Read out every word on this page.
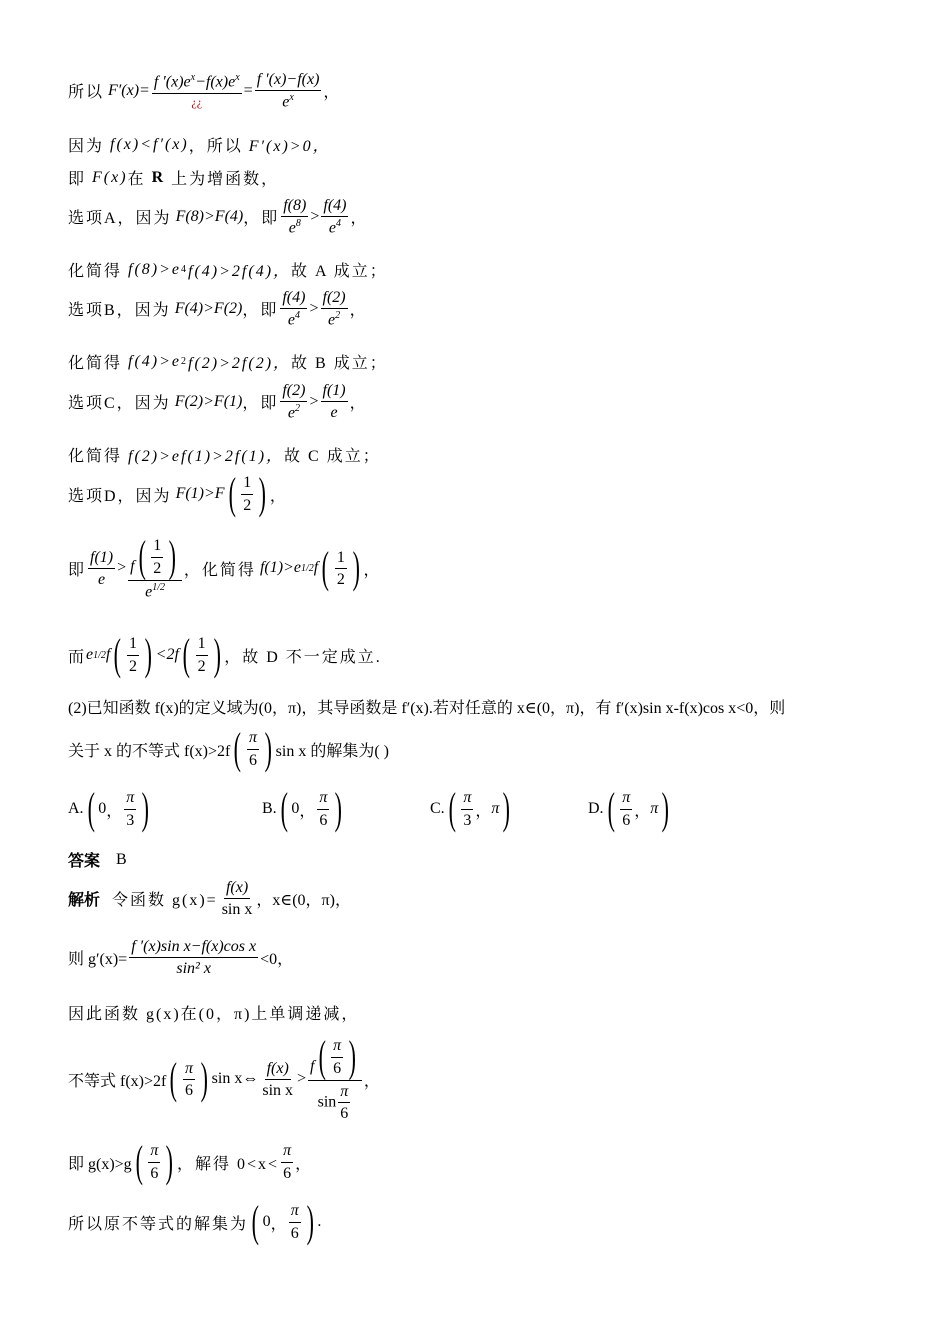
所以
$F'(x)= \frac{f '(x)e^x-f(x)e^x}{¿¿} = \frac{f '(x)-f(x)}{e^x}$ ，
因为
f(x)<f′(x) ，所以
F′(x)>0，
即
F(x) 在
R
上为增函数，
选项A，因为
F(8)>F(4) ，即 $\frac{f(8)}{e^8} > \frac{f(4)}{e^4}$ ，
化简得
f(8)>e 4 f(4)>2f(4)， 故 A 成立；
选项B，因为
F(4)>F(2) ，即 $\frac{f(4)}{e^4} > \frac{f(2)}{e^2}$ ，
化简得
f(4)>e 2 f(2)>2f(2)， 故 B 成立；
选项C，因为
F(2)>F(1) ，即 $\frac{f(2)}{e^2} > \frac{f(1)}{e}$ ，
化简得
f(2)>ef(1)>2f(1)， 故 C 成立；
选项D，因为
F(1)>F ( $\frac{1}{2}$ ) ，
即 $\frac{f(1)}{e} > \frac{f ( \frac{1}{2} )}{e^{1/2}}$ ，化简得
f(1)>e 1/2 f ( $\frac{1}{2}$ ) ，
而 e 1/2 f ( $\frac{1}{2}$ ) <2f ( $\frac{1}{2}$ ) ，故 D 不一定成立.
(2)已知函数 f(x)的定义域为(0，π)，其导函数是 f′(x).若对任意的 x∈(0，π)，有 f′(x)sin x-f(x)cos x<0，则
关于 x 的不等式 f(x)>2f ( $\frac{\pi}{6}$ ) sin x 的解集为( )
A. ( 0 ， $\frac{\pi}{3}$ )	B. ( 0 ， $\frac{\pi}{6}$ )	C. ( $\frac{\pi}{3}$ ， π )	D. ( $\frac{\pi}{6}$ ， π )
答案
B
解析
令函数 $g(x)= \frac{f(x)}{\text{sin x}}$ ，x∈(0，π)，
则 $g'(x)= \frac{\text{f ′(x)sin x−f(x)cos x}}{\text{sin² x}} <0$，
因此函数 g(x)在(0，π)上单调递减，
不等式 f(x)>2f ( $\frac{\pi}{6}$ ) sin x⇔ $\frac{f(x)}{\text{sin x}} > \frac{f ( \frac{\pi}{6} )}{\sin \frac{\pi}{6}}$ ，
即 g(x)>g ( $\frac{\pi}{6}$ ) ，解得 $0<x< \frac{\pi}{6}$ ，
所以原不等式的解集为 ( 0 ， $\frac{\pi}{6}$ ) .
